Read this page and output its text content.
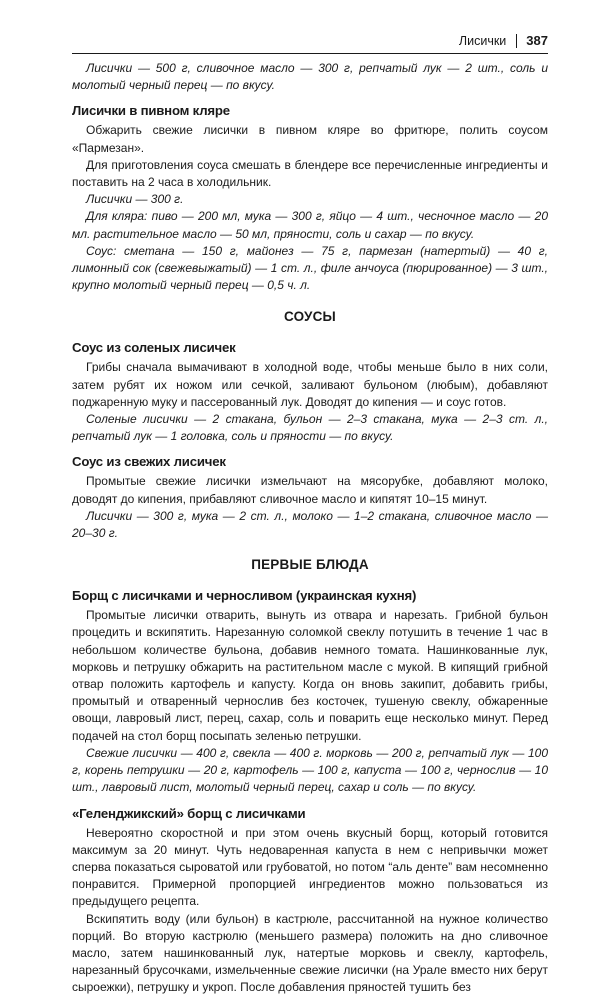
Лисички 387

Лисички — 500 г, сливочное масло — 300 г, репчатый лук — 2 шт., соль и молотый черный перец — по вкусу.

Лисички в пивном кляре

Обжарить свежие лисички в пивном кляре во фритюре, полить соусом «Пармезан».

Для приготовления соуса смешать в блендере все перечисленные ингредиенты и поставить на 2 часа в холодильник.

Лисички — 300 г.

Для кляра: пиво — 200 мл, мука — 300 г, яйцо — 4 шт., чесночное масло — 20 мл. растительное масло — 50 мл, пряности, соль и сахар — по вкусу.

Соус: сметана — 150 г, майонез — 75 г, пармезан (натертый) — 40 г, лимонный сок (свежевыжатый) — 1 ст. л., филе анчоуса (пюрированное) — 3 шт., крупно молотый черный перец — 0,5 ч. л.

СОУСЫ
Соус из соленых лисичек

Грибы сначала вымачивают в холодной воде, чтобы меньше было в них соли, затем рубят их ножом или сечкой, заливают бульоном (любым), добавляют поджаренную муку и пассерованный лук. Доводят до кипения — и соус готов.

Соленые лисички — 2 стакана, бульон — 2–3 стакана, мука — 2–3 ст. л., репчатый лук — 1 головка, соль и пряности — по вкусу.

Соус из свежих лисичек

Промытые свежие лисички измельчают на мясорубке, добавляют молоко, доводят до кипения, прибавляют сливочное масло и кипятят 10–15 минут.

Лисички — 300 г, мука — 2 ст. л., молоко — 1–2 стакана, сливочное масло — 20–30 г.

ПЕРВЫЕ БЛЮДА
Борщ с лисичками и черносливом (украинская кухня)

Промытые лисички отварить, вынуть из отвара и нарезать. Грибной бульон процедить и вскипятить. Нарезанную соломкой свеклу потушить в течение 1 час в небольшом количестве бульона, добавив немного томата. Нашинкованные лук, морковь и петрушку обжарить на растительном масле с мукой. В кипящий грибной отвар положить картофель и капусту. Когда он вновь закипит, добавить грибы, промытый и отваренный чернослив без косточек, тушеную свеклу, обжаренные овощи, лавровый лист, перец, сахар, соль и поварить еще несколько минут. Перед подачей на стол борщ посыпать зеленью петрушки.

Свежие лисички — 400 г, свекла — 400 г. морковь — 200 г, репчатый лук — 100 г, корень петрушки — 20 г, картофель — 100 г, капуста — 100 г, чернослив — 10 шт., лавровый лист, молотый черный перец, сахар и соль — по вкусу.

«Геленджикский» борщ с лисичками

Невероятно скоростной и при этом очень вкусный борщ, который готовится максимум за 20 минут. Чуть недоваренная капуста в нем с непривычки может сперва показаться сыроватой или грубоватой, но потом “аль денте” вам несомненно понравится. Примерной пропорцией ингредиентов можно пользоваться из предыдущего рецепта.

Вскипятить воду (или бульон) в кастрюле, рассчитанной на нужное количество порций. Во вторую кастрюлю (меньшего размера) положить на дно сливочное масло, затем нашинкованный лук, натертые морковь и свеклу, картофель, нарезанный брусочками, измельченные свежие лисички (на Урале вместо них берут сыроежки), петрушку и укроп. После добавления пряностей тушить без
